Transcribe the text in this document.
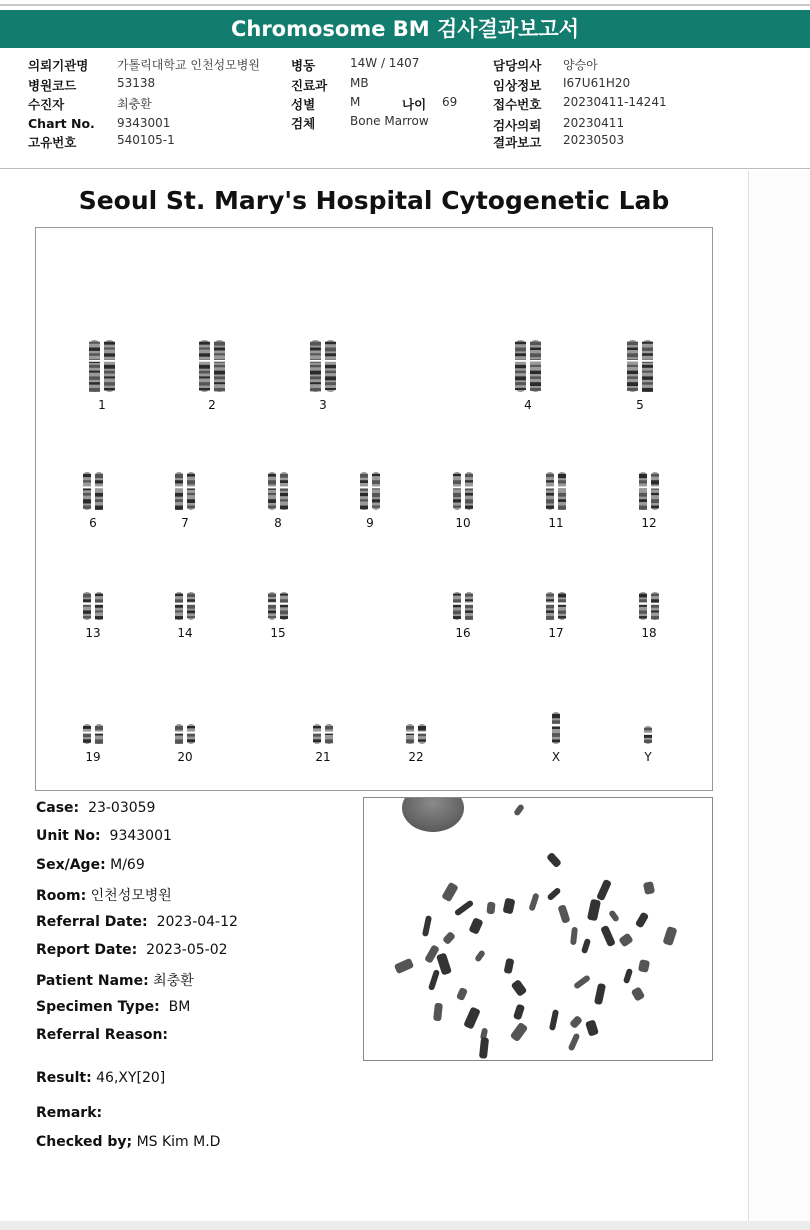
Chromosome BM 검사결과보고서
의뢰기관명 가톨릭대학교 인천성모병원
병원코드	53138
수진자	최충환
Chart No. 9343001
고유번호	540105-1
병동	14W / 1407
진료과 MB
성별	M	나이 69
검체	Bone Marrow
담당의사 양승아
임상정보 I67U61H20
접수번호 20230411-14241
검사의뢰 20230411
결과보고 20230503
Seoul St. Mary's Hospital Cytogenetic Lab
1	2	3	4	5
6	7	8	9	10	11	12
13	14	15	16	17	18
19	20	21	22	X	Y
Case: 23-03059
Unit No: 9343001
Sex/Age: M/69
Room: 인천성모병원
Referral Date: 2023-04-12
Report Date: 2023-05-02
Patient Name: 최충환
Specimen Type: BM
Referral Reason:
Result: 46,XY[20]
Remark:
Checked by; MS Kim M.D
